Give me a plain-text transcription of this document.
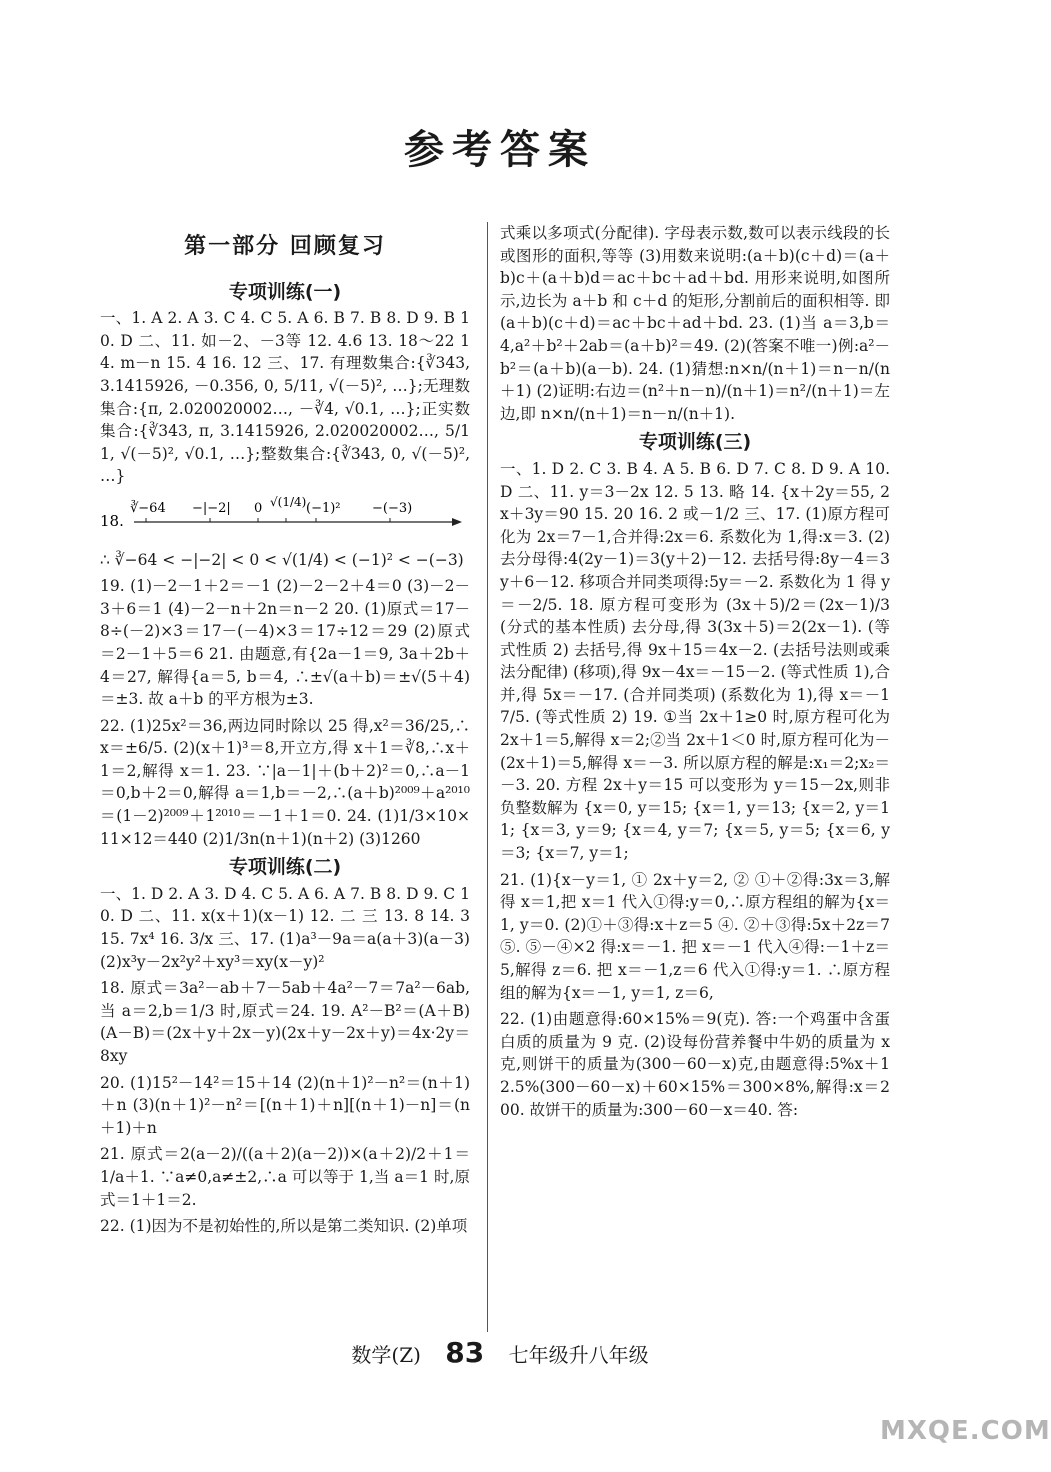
参考答案
第一部分 回顾复习
专项训练(一)

一、1. A 2. A 3. C 4. C 5. A 6. B 7. B 8. D 9. B 10. D 二、11. 如－2、－3等 12. 4.6 13. 18～22 14. m－n 15. 4 16. 12 三、17. 有理数集合:{∛343, 3.1415926, －0.356, 0, 5/11, √(－5)², …};无理数集合:{π, 2.020020002…, －∛4, √0.1, …};正实数集合:{∛343, π, 3.1415926, 2.020020002…, 5/11, √(－5)², √0.1, …};整数集合:{∛343, 0, √(－5)², …}

18.
∛−64 −|−2| 0 √(1/4) (−1)² −(−3)

∴ ∛−64 < −|−2| < 0 < √(1/4) < (−1)² < −(−3)

19. (1)－2－1＋2＝－1 (2)－2－2＋4＝0 (3)－2－3＋6＝1 (4)－2－n＋2n＝n－2 20. (1)原式＝17－8÷(－2)×3＝17－(－4)×3＝17÷12＝29 (2)原式＝2－1＋5＝6 21. 由题意,有{2a－1＝9, 3a＋2b＋4＝27, 解得{a＝5, b＝4, ∴±√(a＋b)＝±√(5＋4)＝±3. 故 a＋b 的平方根为±3.

22. (1)25x²＝36,两边同时除以 25 得,x²＝36/25,∴x＝±6/5. (2)(x＋1)³＝8,开立方,得 x＋1＝∛8,∴x＋1＝2,解得 x＝1. 23. ∵|a－1|＋(b＋2)²＝0,∴a－1＝0,b＋2＝0,解得 a＝1,b＝－2,∴(a＋b)²⁰⁰⁹＋a²⁰¹⁰＝(1－2)²⁰⁰⁹＋1²⁰¹⁰＝－1＋1＝0. 24. (1)1/3×10×11×12＝440 (2)1/3n(n＋1)(n＋2) (3)1260

专项训练(二)

一、1. D 2. A 3. D 4. C 5. A 6. A 7. B 8. D 9. C 10. D 二、11. x(x＋1)(x－1) 12. 二 三 13. 8 14. 3 15. 7x⁴ 16. 3/x 三、17. (1)a³－9a＝a(a＋3)(a－3) (2)x³y－2x²y²＋xy³＝xy(x－y)²

18. 原式＝3a²－ab＋7－5ab＋4a²－7＝7a²－6ab,当 a＝2,b＝1/3 时,原式＝24. 19. A²－B²＝(A＋B)(A－B)＝(2x＋y＋2x－y)(2x＋y－2x＋y)＝4x·2y＝8xy

20. (1)15²－14²＝15＋14 (2)(n＋1)²－n²＝(n＋1)＋n (3)(n＋1)²－n²＝[(n＋1)＋n][(n＋1)－n]＝(n＋1)＋n

21. 原式＝2(a－2)/((a＋2)(a－2))×(a＋2)/2＋1＝1/a＋1. ∵a≠0,a≠±2,∴a 可以等于 1,当 a＝1 时,原式＝1＋1＝2.

22. (1)因为不是初始性的,所以是第二类知识. (2)单项

式乘以多项式(分配律). 字母表示数,数可以表示线段的长或图形的面积,等等 (3)用数来说明:(a＋b)(c＋d)＝(a＋b)c＋(a＋b)d＝ac＋bc＋ad＋bd. 用形来说明,如图所示,边长为 a＋b 和 c＋d 的矩形,分割前后的面积相等. 即(a＋b)(c＋d)＝ac＋bc＋ad＋bd. 23. (1)当 a＝3,b＝4,a²＋b²＋2ab＝(a＋b)²＝49. (2)(答案不唯一)例:a²－b²＝(a＋b)(a－b). 24. (1)猜想:n×n/(n＋1)＝n－n/(n＋1) (2)证明:右边＝(n²＋n－n)/(n＋1)＝n²/(n＋1)＝左边,即 n×n/(n＋1)＝n－n/(n＋1).

专项训练(三)

一、1. D 2. C 3. B 4. A 5. B 6. D 7. C 8. D 9. A 10. D 二、11. y＝3－2x 12. 5 13. 略 14. {x＋2y＝55, 2x＋3y＝90 15. 20 16. 2 或－1/2 三、17. (1)原方程可化为 2x＝7－1,合并得:2x＝6. 系数化为 1,得:x＝3. (2)去分母得:4(2y－1)＝3(y＋2)－12. 去括号得:8y－4＝3y＋6－12. 移项合并同类项得:5y＝－2. 系数化为 1 得 y＝－2/5. 18. 原方程可变形为 (3x＋5)/2＝(2x－1)/3 (分式的基本性质) 去分母,得 3(3x＋5)＝2(2x－1). (等式性质 2) 去括号,得 9x＋15＝4x－2. (去括号法则或乘法分配律) (移项),得 9x－4x＝－15－2. (等式性质 1),合并,得 5x＝－17. (合并同类项) (系数化为 1),得 x＝－17/5. (等式性质 2) 19. ①当 2x＋1≥0 时,原方程可化为 2x＋1＝5,解得 x＝2;②当 2x＋1＜0 时,原方程可化为－(2x＋1)＝5,解得 x＝－3. 所以原方程的解是:x₁＝2;x₂＝－3. 20. 方程 2x＋y＝15 可以变形为 y＝15－2x,则非负整数解为 {x＝0, y＝15; {x＝1, y＝13; {x＝2, y＝11; {x＝3, y＝9; {x＝4, y＝7; {x＝5, y＝5; {x＝6, y＝3; {x＝7, y＝1;

21. (1){x－y＝1, ① 2x＋y＝2, ② ①＋②得:3x＝3,解得 x＝1,把 x＝1 代入①得:y＝0,∴原方程组的解为{x＝1, y＝0. (2)①＋③得:x＋z＝5 ④. ②＋③得:5x＋2z＝7 ⑤. ⑤－④×2 得:x＝－1. 把 x＝－1 代入④得:－1＋z＝5,解得 z＝6. 把 x＝－1,z＝6 代入①得:y＝1. ∴原方程组的解为{x＝－1, y＝1, z＝6,

22. (1)由题意得:60×15%＝9(克). 答:一个鸡蛋中含蛋白质的质量为 9 克. (2)设每份营养餐中牛奶的质量为 x 克,则饼干的质量为(300－60－x)克,由题意得:5%x＋12.5%(300－60－x)＋60×15%＝300×8%,解得:x＝200. 故饼干的质量为:300－60－x＝40. 答:

数学(Z) 83 七年级升八年级
MXQE.COM
